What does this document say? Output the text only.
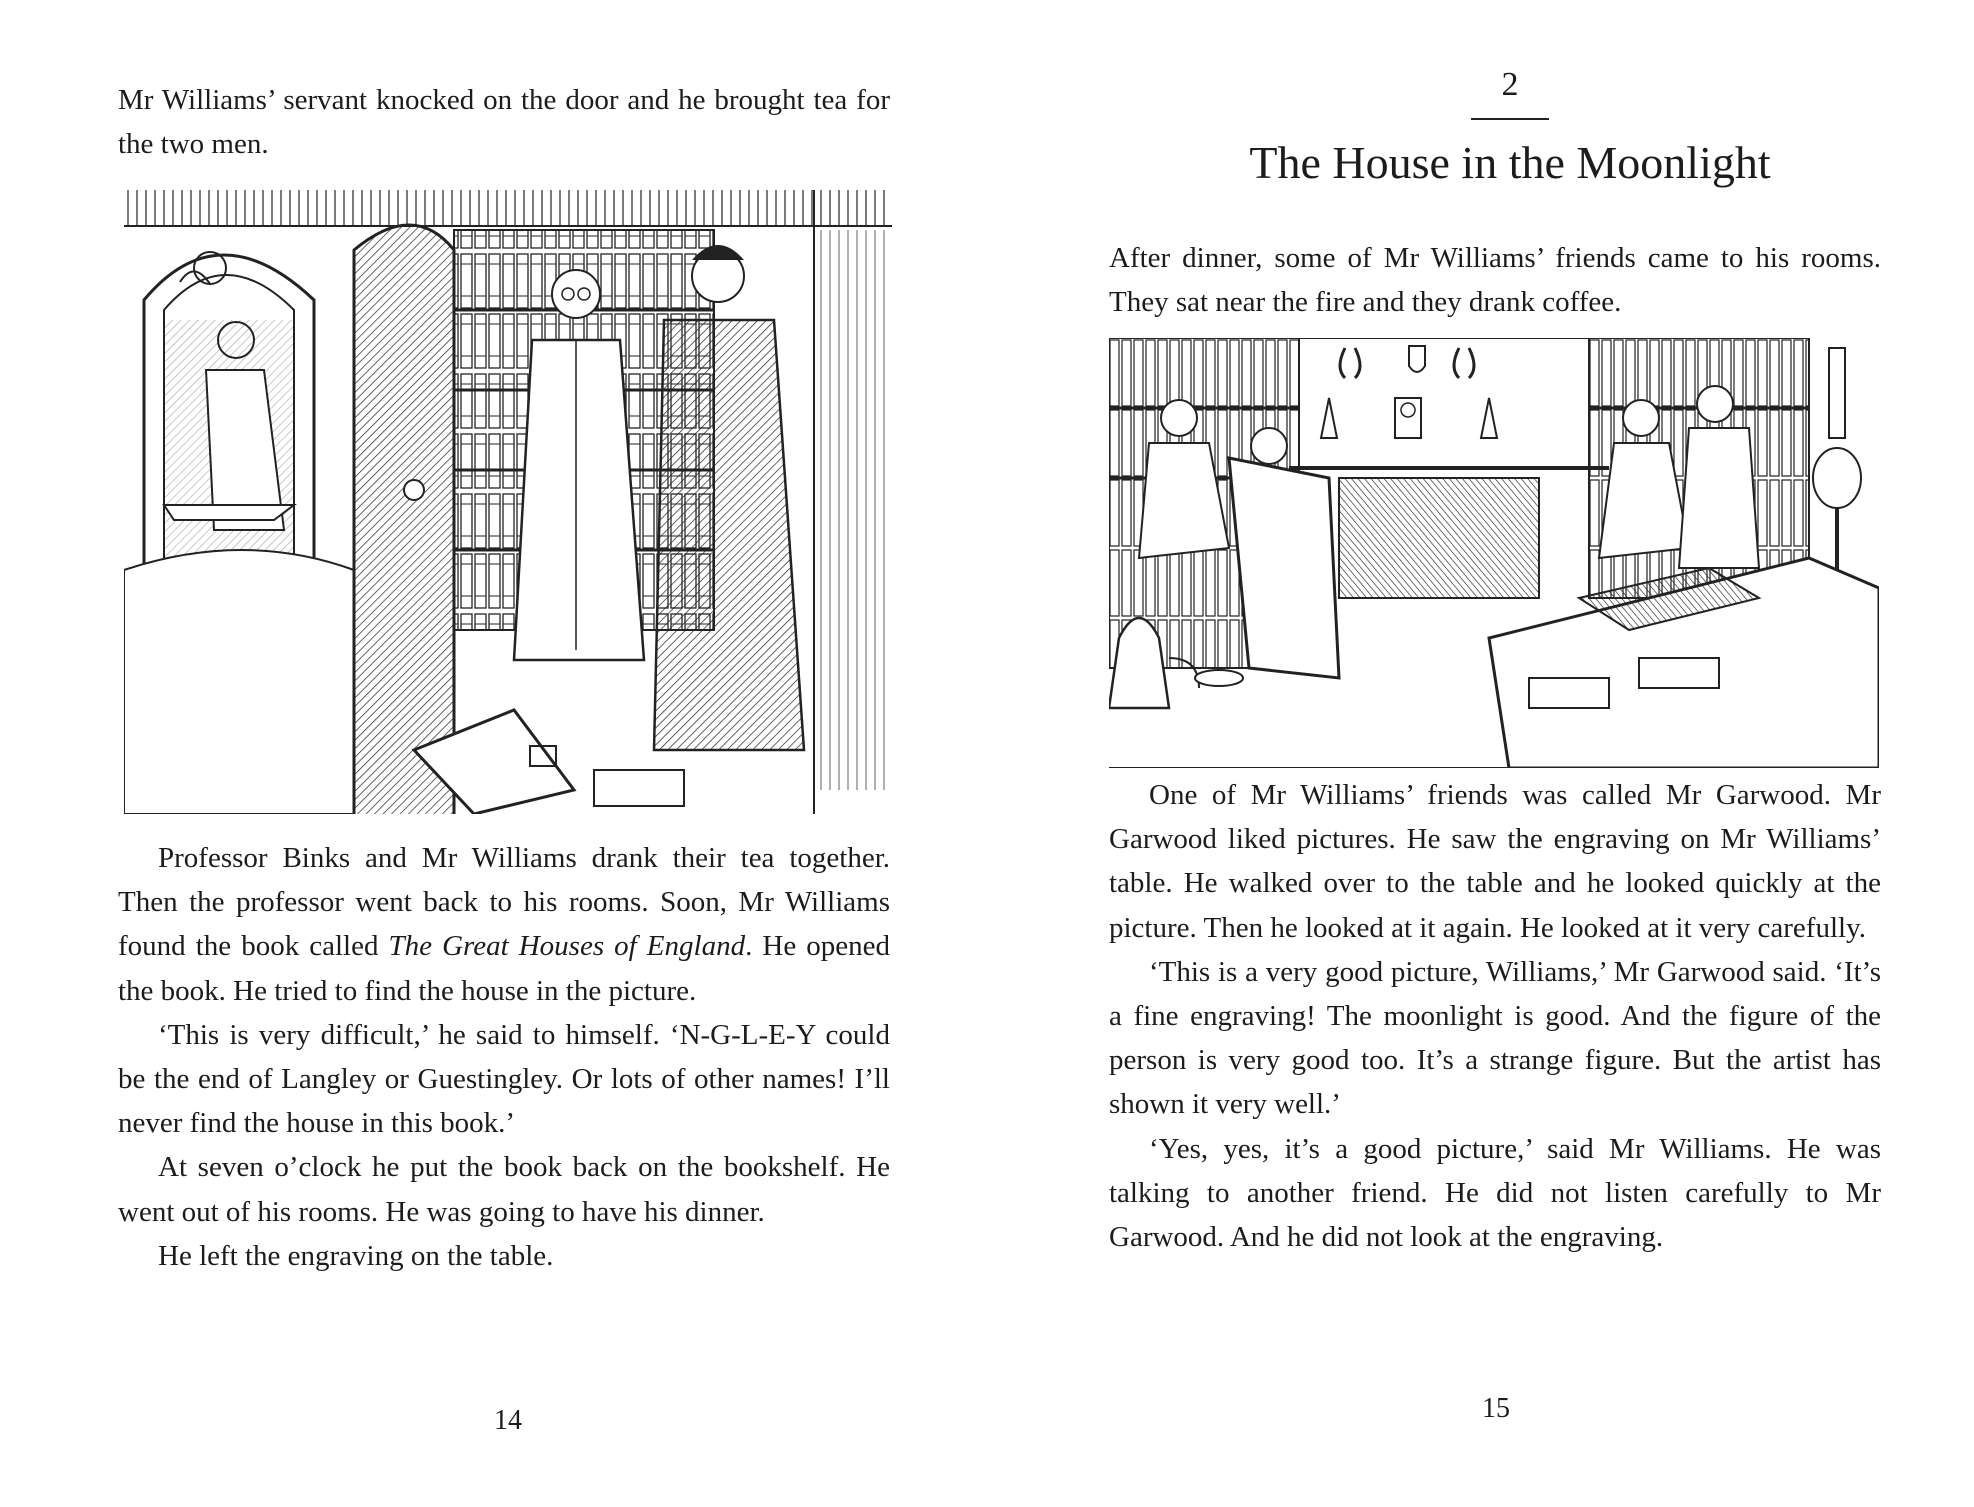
Mr Williams’ servant knocked on the door and he brought tea for the two men.

Professor Binks and Mr Williams drank their tea together. Then the professor went back to his rooms. Soon, Mr Williams found the book called The Great Houses of England. He opened the book. He tried to find the house in the picture.

‘This is very difficult,’ he said to himself. ‘N-G-L-E-Y could be the end of Langley or Guestingley. Or lots of other names! I’ll never find the house in this book.’

At seven o’clock he put the book back on the bookshelf. He went out of his rooms. He was going to have his dinner.

He left the engraving on the table.

14

2

The House in the Moonlight

After dinner, some of Mr Williams’ friends came to his rooms. They sat near the fire and they drank coffee.

One of Mr Williams’ friends was called Mr Garwood. Mr Garwood liked pictures. He saw the engraving on Mr Williams’ table. He walked over to the table and he looked quickly at the picture. Then he looked at it again. He looked at it very carefully.

‘This is a very good picture, Williams,’ Mr Garwood said. ‘It’s a fine engraving! The moonlight is good. And the figure of the person is very good too. It’s a strange figure. But the artist has shown it very well.’

‘Yes, yes, it’s a good picture,’ said Mr Williams. He was talking to another friend. He did not listen carefully to Mr Garwood. And he did not look at the engraving.

15
